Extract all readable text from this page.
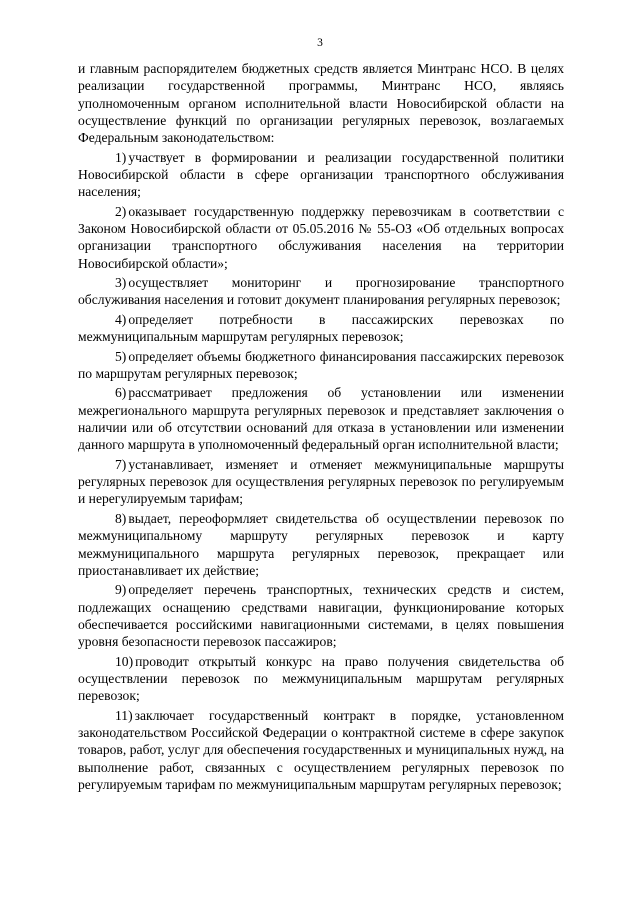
3

и главным распорядителем бюджетных средств является Минтранс НСО. В целях реализации государственной программы, Минтранс НСО, являясь уполномоченным органом исполнительной власти Новосибирской области на осуществление функций по организации регулярных перевозок, возлагаемых Федеральным законодательством:

1) участвует в формировании и реализации государственной политики Новосибирской области в сфере организации транспортного обслуживания населения;

2) оказывает государственную поддержку перевозчикам в соответствии с Законом Новосибирской области от 05.05.2016 № 55-ОЗ «Об отдельных вопросах организации транспортного обслуживания населения на территории Новосибирской области»;

3) осуществляет мониторинг и прогнозирование транспортного обслуживания населения и готовит документ планирования регулярных перевозок;

4) определяет потребности в пассажирских перевозках по межмуниципальным маршрутам регулярных перевозок;

5) определяет объемы бюджетного финансирования пассажирских перевозок по маршрутам регулярных перевозок;

6) рассматривает предложения об установлении или изменении межрегионального маршрута регулярных перевозок и представляет заключения о наличии или об отсутствии оснований для отказа в установлении или изменении данного маршрута в уполномоченный федеральный орган исполнительной власти;

7) устанавливает, изменяет и отменяет межмуниципальные маршруты регулярных перевозок для осуществления регулярных перевозок по регулируемым и нерегулируемым тарифам;

8) выдает, переоформляет свидетельства об осуществлении перевозок по межмуниципальному маршруту регулярных перевозок и карту межмуниципального маршрута регулярных перевозок, прекращает или приостанавливает их действие;

9) определяет перечень транспортных, технических средств и систем, подлежащих оснащению средствами навигации, функционирование которых обеспечивается российскими навигационными системами, в целях повышения уровня безопасности перевозок пассажиров;

10) проводит открытый конкурс на право получения свидетельства об осуществлении перевозок по межмуниципальным маршрутам регулярных перевозок;

11) заключает государственный контракт в порядке, установленном законодательством Российской Федерации о контрактной системе в сфере закупок товаров, работ, услуг для обеспечения государственных и муниципальных нужд, на выполнение работ, связанных с осуществлением регулярных перевозок по регулируемым тарифам по межмуниципальным маршрутам регулярных перевозок;
